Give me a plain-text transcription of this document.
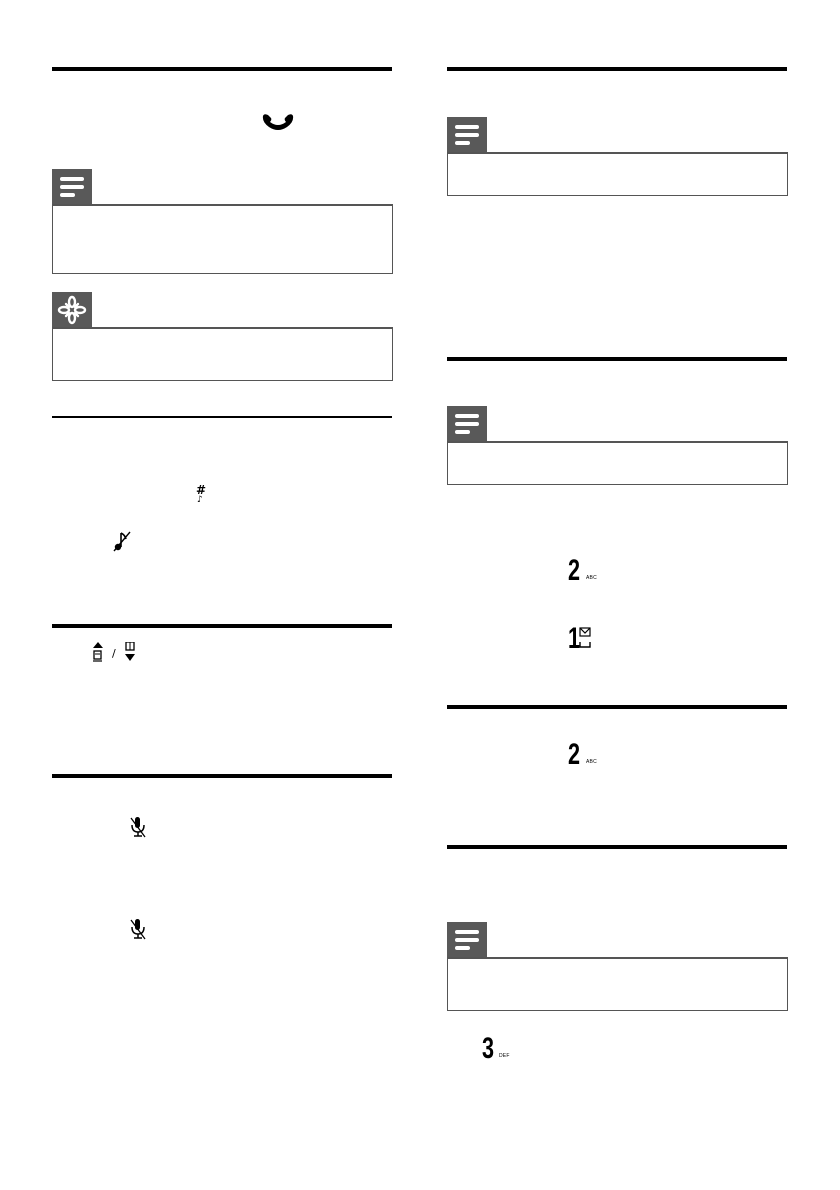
#
♪
/
2 ABC
1
2 ABC
3 DEF
